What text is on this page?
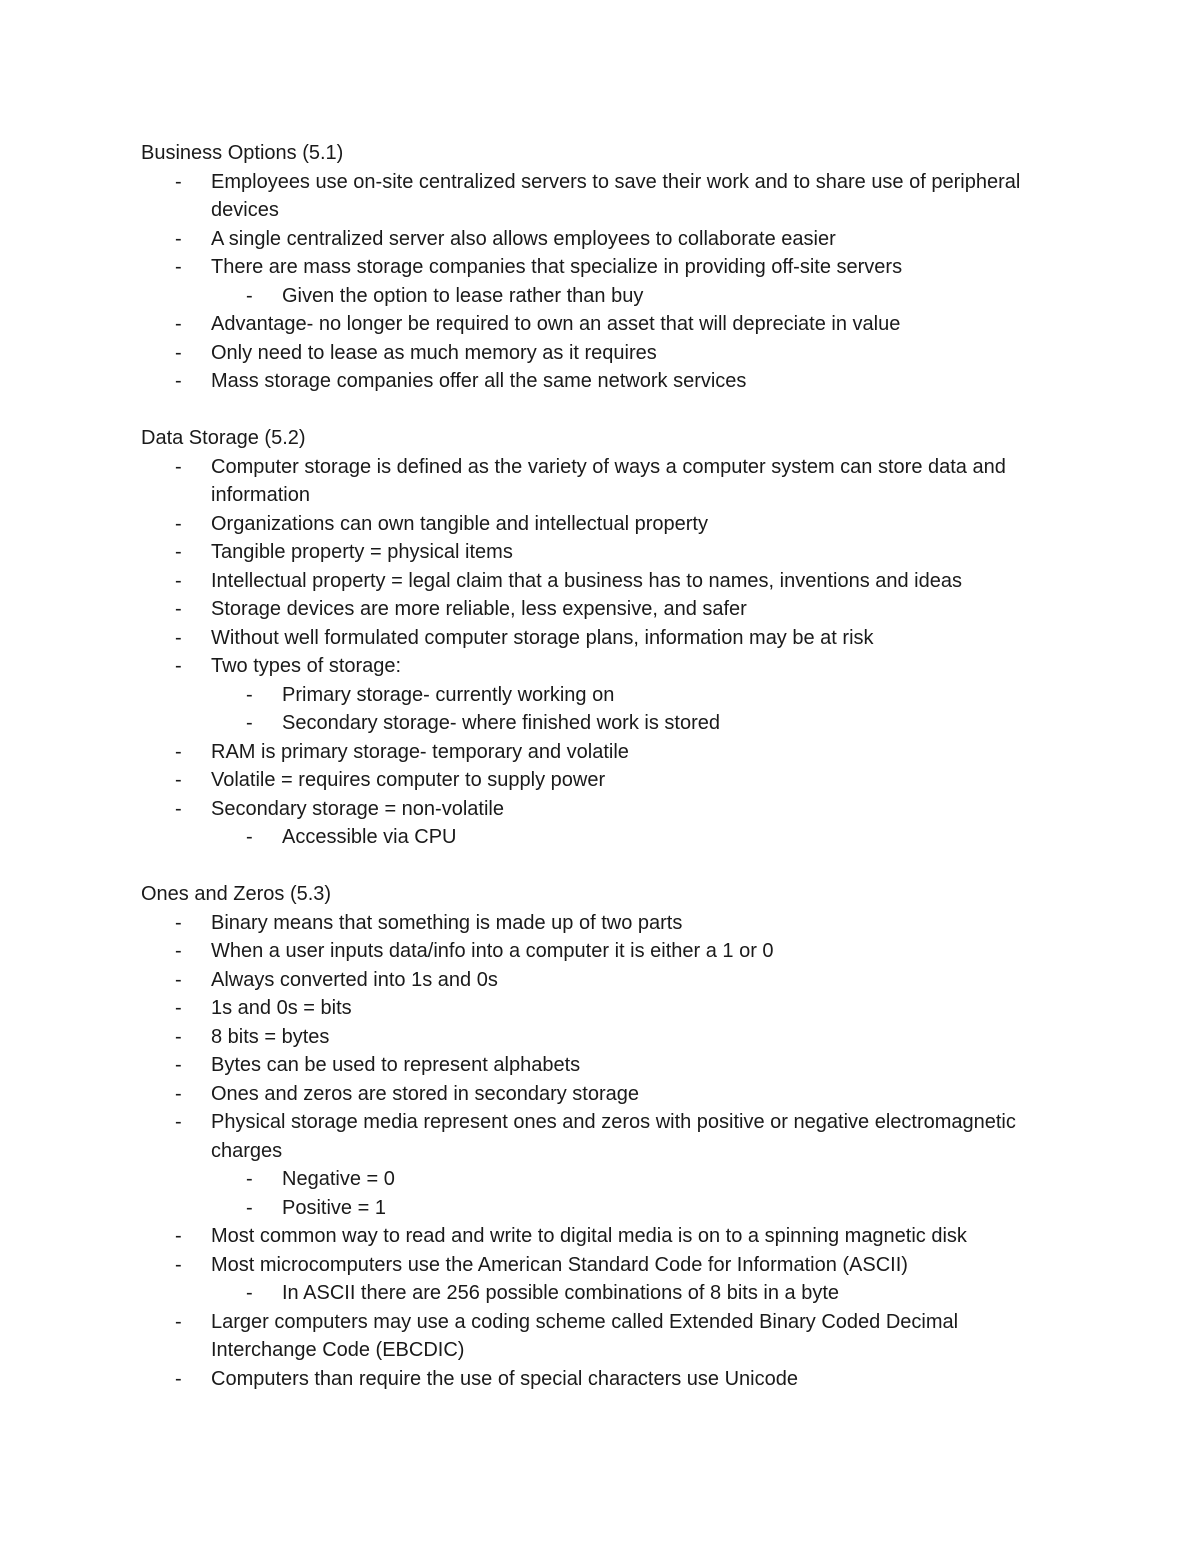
Business Options (5.1)
-	Employees use on-site centralized servers to save their work and to share use of peripheral devices
-	A single centralized server also allows employees to collaborate easier
-	There are mass storage companies that specialize in providing off-site servers
-	Given the option to lease rather than buy
-	Advantage- no longer be required to own an asset that will depreciate in value
-	Only need to lease as much memory as it requires
-	Mass storage companies offer all the same network services
Data Storage (5.2)
-	Computer storage is defined as the variety of ways a computer system can store data and information
-	Organizations can own tangible and intellectual property
-	Tangible property = physical items
-	Intellectual property = legal claim that a business has to names, inventions and ideas
-	Storage devices are more reliable, less expensive, and safer
-	Without well formulated computer storage plans, information may be at risk
-	Two types of storage:
-	Primary storage- currently working on
-	Secondary storage- where finished work is stored
-	RAM is primary storage- temporary and volatile
-	Volatile = requires computer to supply power
-	Secondary storage = non-volatile
-	Accessible via CPU
Ones and Zeros (5.3)
-	Binary means that something is made up of two parts
-	When a user inputs data/info into a computer it is either a 1 or 0
-	Always converted into 1s and 0s
-	1s and 0s = bits
-	8 bits = bytes
-	Bytes can be used to represent alphabets
-	Ones and zeros are stored in secondary storage
-	Physical storage media represent ones and zeros with positive or negative electromagnetic charges
-	Negative = 0
-	Positive = 1
-	Most common way to read and write to digital media is on to a spinning magnetic disk
-	Most microcomputers use the American Standard Code for Information (ASCII)
-	In ASCII there are 256 possible combinations of 8 bits in a byte
-	Larger computers may use a coding scheme called Extended Binary Coded Decimal Interchange Code (EBCDIC)
-	Computers than require the use of special characters use Unicode
